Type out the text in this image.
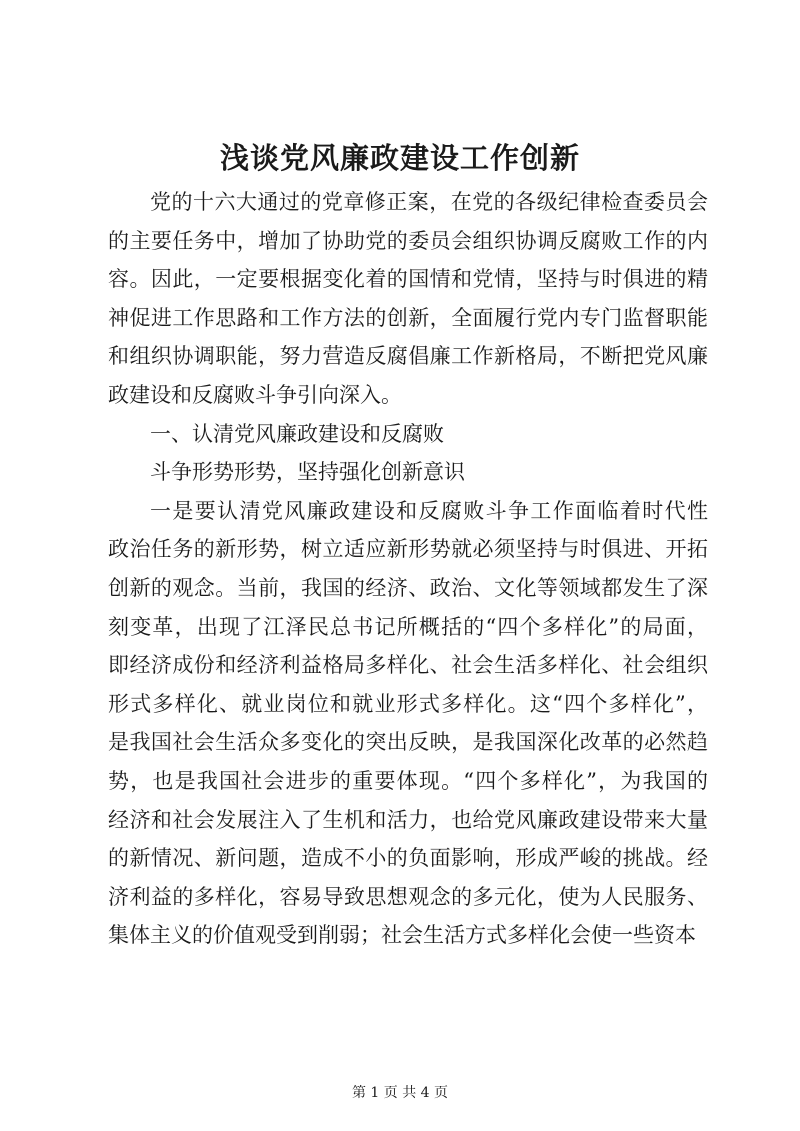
浅谈党风廉政建设工作创新
党的十六大通过的党章修正案，在党的各级纪律检查委员会
的主要任务中，增加了协助党的委员会组织协调反腐败工作的内
容。因此，一定要根据变化着的国情和党情，坚持与时俱进的精
神促进工作思路和工作方法的创新，全面履行党内专门监督职能
和组织协调职能，努力营造反腐倡廉工作新格局，不断把党风廉
政建设和反腐败斗争引向深入。
一、认清党风廉政建设和反腐败
斗争形势形势，坚持强化创新意识
一是要认清党风廉政建设和反腐败斗争工作面临着时代性
政治任务的新形势，树立适应新形势就必须坚持与时俱进、开拓
创新的观念。当前，我国的经济、政治、文化等领域都发生了深
刻变革，出现了江泽民总书记所概括的“四个多样化”的局面，
即经济成份和经济利益格局多样化、社会生活多样化、社会组织
形式多样化、就业岗位和就业形式多样化。这“四个多样化”，
是我国社会生活众多变化的突出反映，是我国深化改革的必然趋
势，也是我国社会进步的重要体现。“四个多样化”，为我国的
经济和社会发展注入了生机和活力，也给党风廉政建设带来大量
的新情况、新问题，造成不小的负面影响，形成严峻的挑战。经
济利益的多样化，容易导致思想观念的多元化，使为人民服务、
集体主义的价值观受到削弱；社会生活方式多样化会使一些资本
第 1 页 共 4 页
